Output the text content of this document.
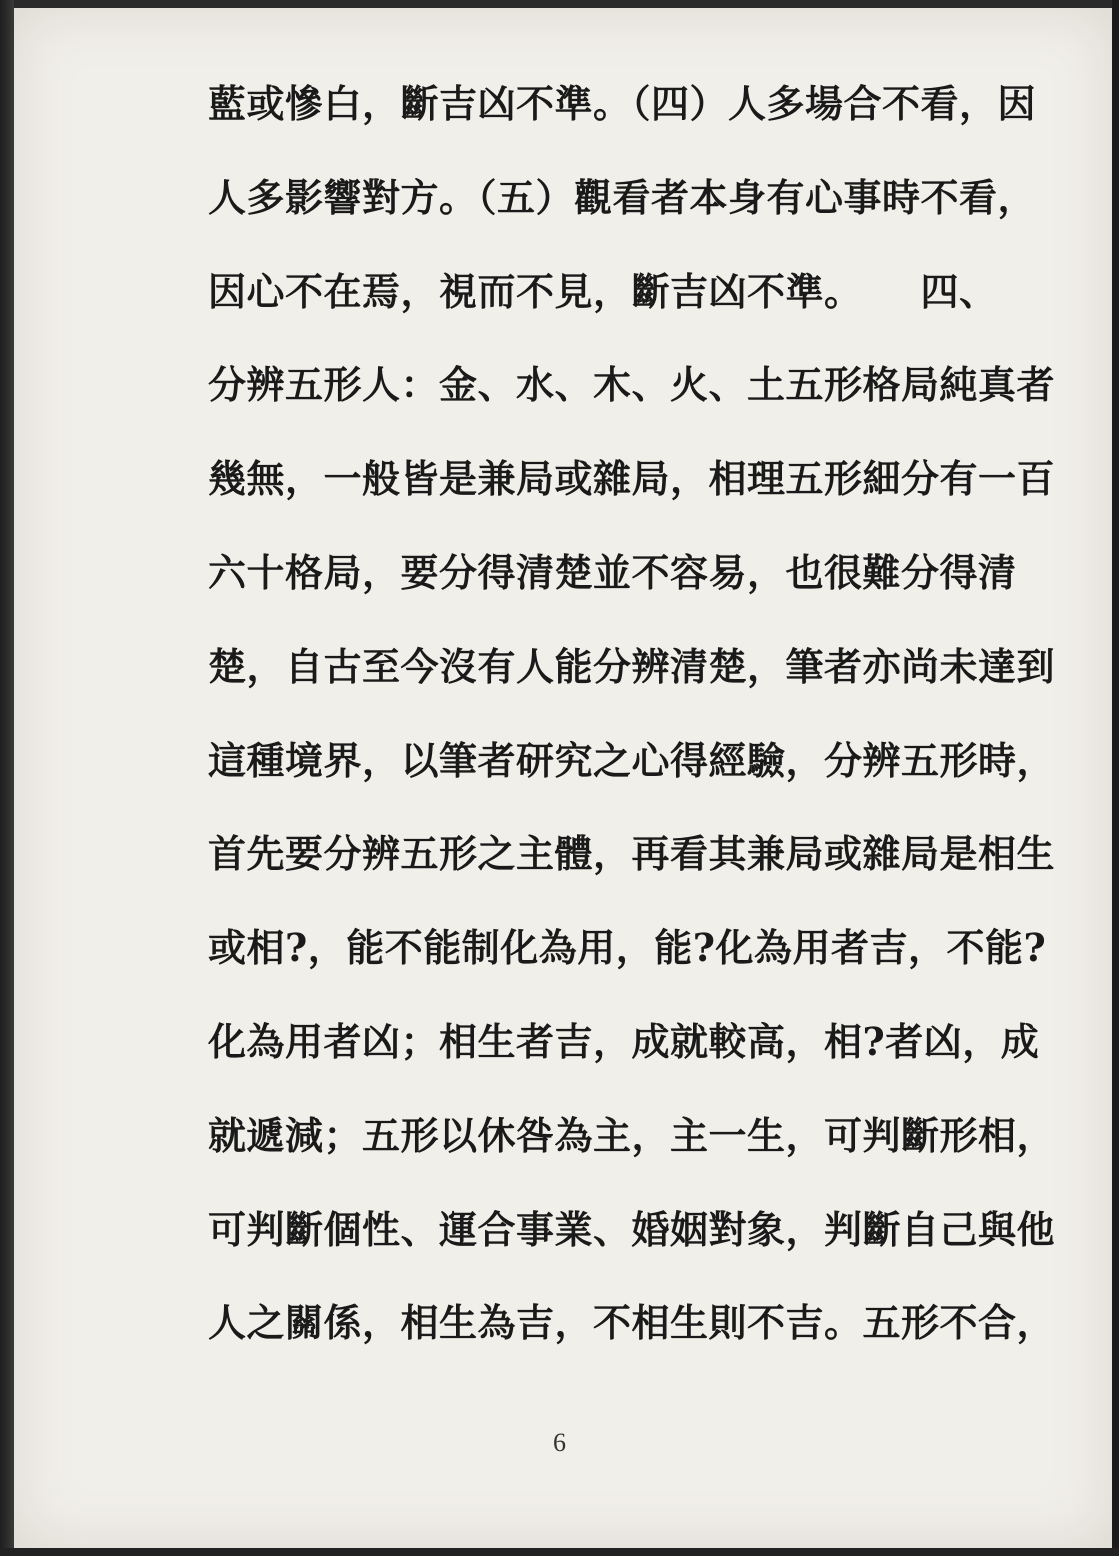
藍或慘白，斷吉凶不準。（四）人多場合不看，因
人多影響對方。（五）觀看者本身有心事時不看，
因心不在焉，視而不見，斷吉凶不準。　　四、
分辨五形人：金、水、木、火、土五形格局純真者
幾無，一般皆是兼局或雜局，相理五形細分有一百
六十格局，要分得清楚並不容易，也很難分得清
楚，自古至今沒有人能分辨清楚，筆者亦尚未達到
這種境界，以筆者研究之心得經驗，分辨五形時，
首先要分辨五形之主體，再看其兼局或雜局是相生
或相?，能不能制化為用，能?化為用者吉，不能?
化為用者凶；相生者吉，成就較高，相?者凶，成
就遞減；五形以休咎為主，主一生，可判斷形相，
可判斷個性、運合事業、婚姻對象，判斷自己與他
人之關係，相生為吉，不相生則不吉。五形不合，
6
